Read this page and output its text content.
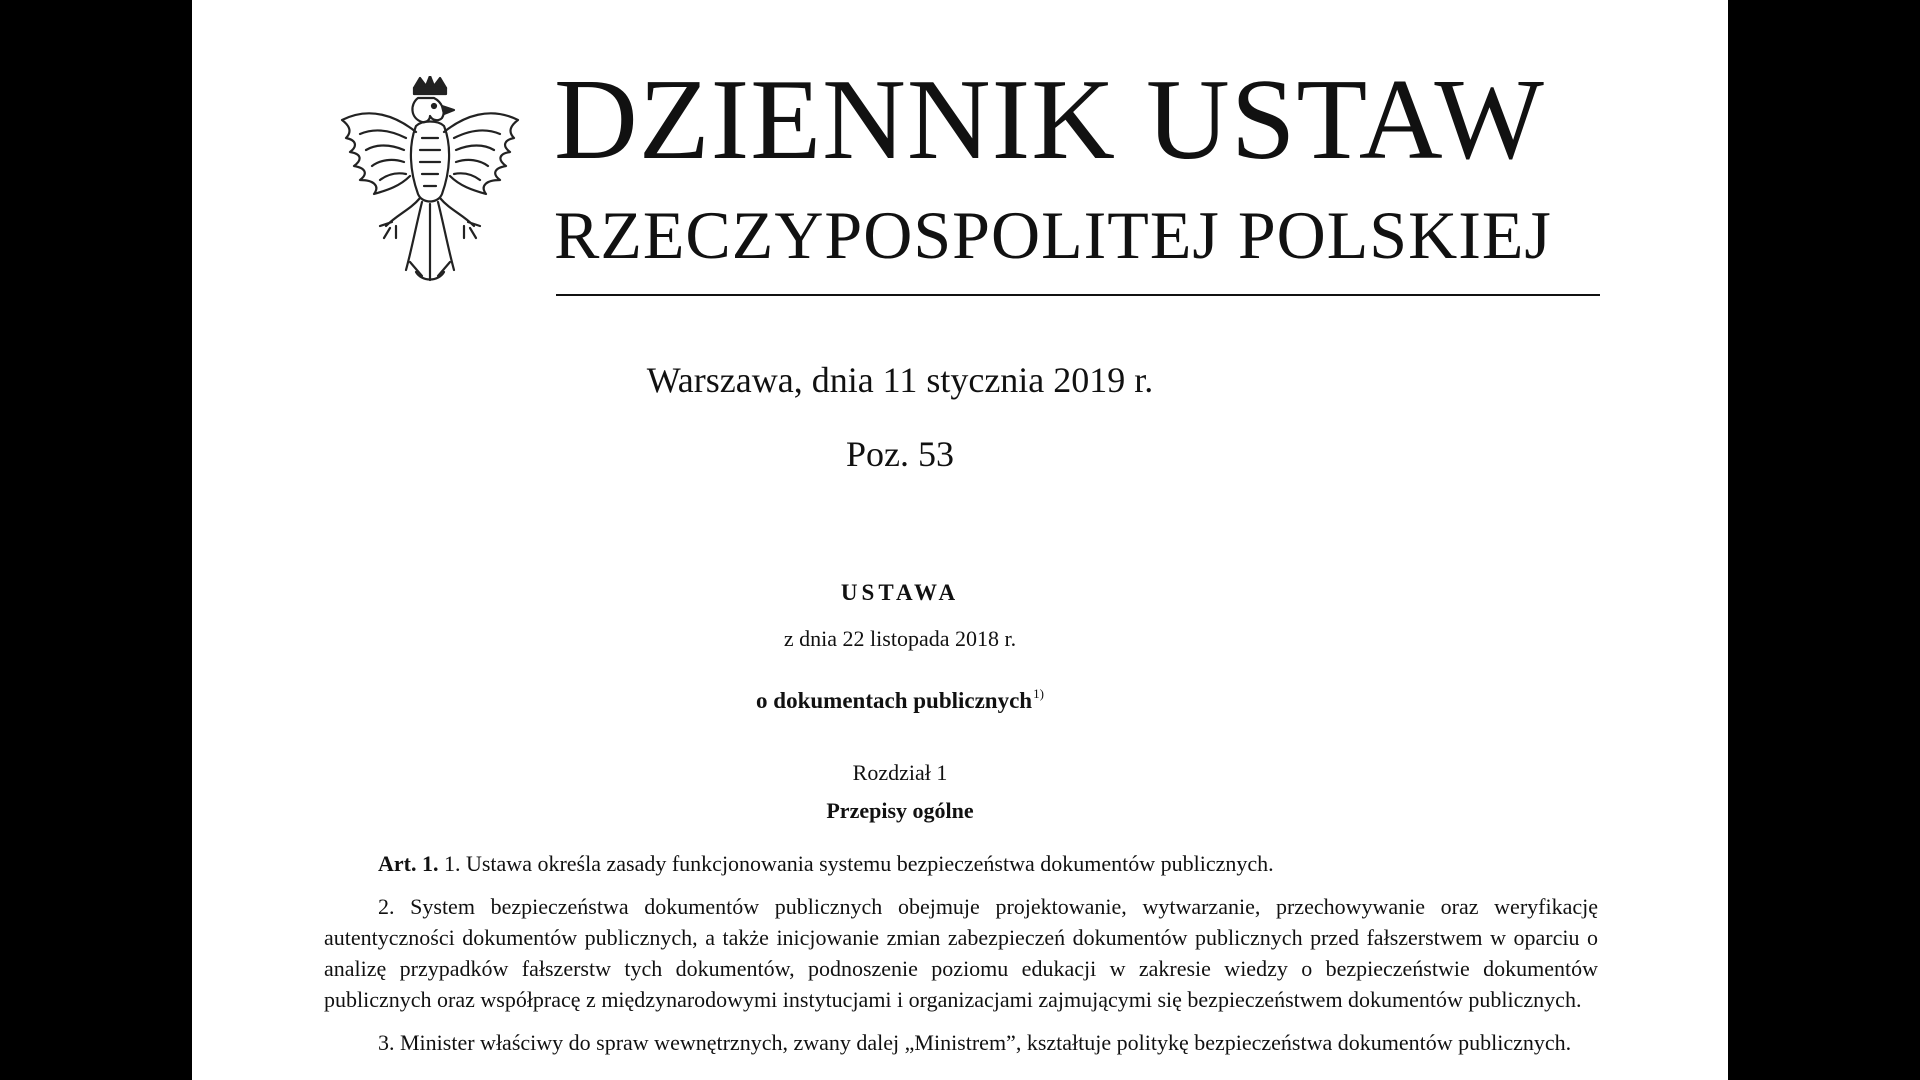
DZIENNIK USTAW
RZECZYPOSPOLITEJ POLSKIEJ
Warszawa, dnia 11 stycznia 2019 r.
Poz. 53
USTAWA
z dnia 22 listopada 2018 r.
o dokumentach publicznych$^{1)}$
Rozdział 1
Przepisy ogólne

Art. 1. 1. Ustawa określa zasady funkcjonowania systemu bezpieczeństwa dokumentów publicznych.

2. System bezpieczeństwa dokumentów publicznych obejmuje projektowanie, wytwarzanie, przechowywanie oraz weryfikację autentyczności dokumentów publicznych, a także inicjowanie zmian zabezpieczeń dokumentów publicznych przed fałszerstwem w oparciu o analizę przypadków fałszerstw tych dokumentów, podnoszenie poziomu edukacji w zakresie wiedzy o bezpieczeństwie dokumentów publicznych oraz współpracę z międzynarodowymi instytucjami i organizacjami zajmującymi się bezpieczeństwem dokumentów publicznych.

3. Minister właściwy do spraw wewnętrznych, zwany dalej „Ministrem”, kształtuje politykę bezpieczeństwa dokumentów publicznych.
